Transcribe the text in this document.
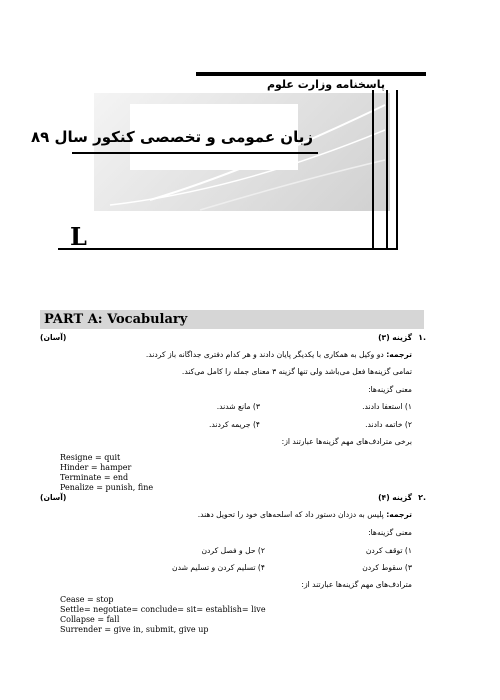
پاسخنامه وزارت علوم
زبان عمومی و تخصصی کنکور سال ۸۹
L
PART A: Vocabulary
۱.
گزینه (۳)
(آسان)
ترجمه: دو وکیل به همکاری با یکدیگر پایان دادند و هر کدام دفتری جداگانه باز کردند.
تمامی گزینه‌ها فعل می‌باشد ولی تنها گزینه ۳ معنای جمله را کامل می‌کند.
معنی گزینه‌ها:
۱) استعفا دادند.
۳) مانع شدند.
۲) خاتمه دادند.
۴) جریمه کردند.
برخی مترادف‌های مهم گزینه‌ها عبارتند از:
Resigne = quit
Hinder = hamper
Terminate = end
Penalize = punish, fine
۲.
گزینه (۴)
(آسان)
ترجمه: پلیس به دزدان دستور داد که اسلحه‌های خود را تحویل دهند.
معنی گزینه‌ها:
۱) توقف کردن
۲) حل و فصل کردن
۳) سقوط کردن
۴) تسلیم کردن و تسلیم شدن
مترادف‌های مهم گزینه‌ها عبارتند از:
Cease = stop
Settle= negotiate= conclude= sit= establish= live
Collapse = fall
Surrender = give in, submit, give up
